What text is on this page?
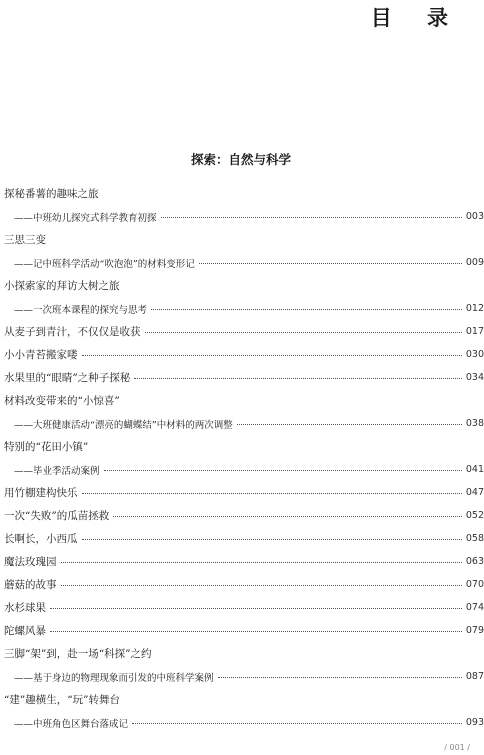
目 录
探索：自然与科学
探秘番薯的趣味之旅
——中班幼儿探究式科学教育初探	003
三思三变
——记中班科学活动“吹泡泡”的材料变形记	009
小探索家的拜访大树之旅
——一次班本课程的探究与思考	012
从麦子到青汁，不仅仅是收获	017
小小青苔搬家喽	030
水果里的“眼睛”之种子探秘	034
材料改变带来的“小惊喜”
——大班健康活动“漂亮的蝴蝶结”中材料的两次调整	038
特别的“花田小镇”
——毕业季活动案例	041
用竹棚建构快乐	047
一次“失败”的瓜苗拯救	052
长啊长，小西瓜	058
魔法玫瑰园	063
蘑菇的故事	070
水杉球果	074
陀螺风暴	079
三脚“架”到，赴一场“科探”之约
——基于身边的物理现象而引发的中班科学案例	087
“建”趣横生，“玩”转舞台
——中班角色区舞台落成记	093
/ 001 /
